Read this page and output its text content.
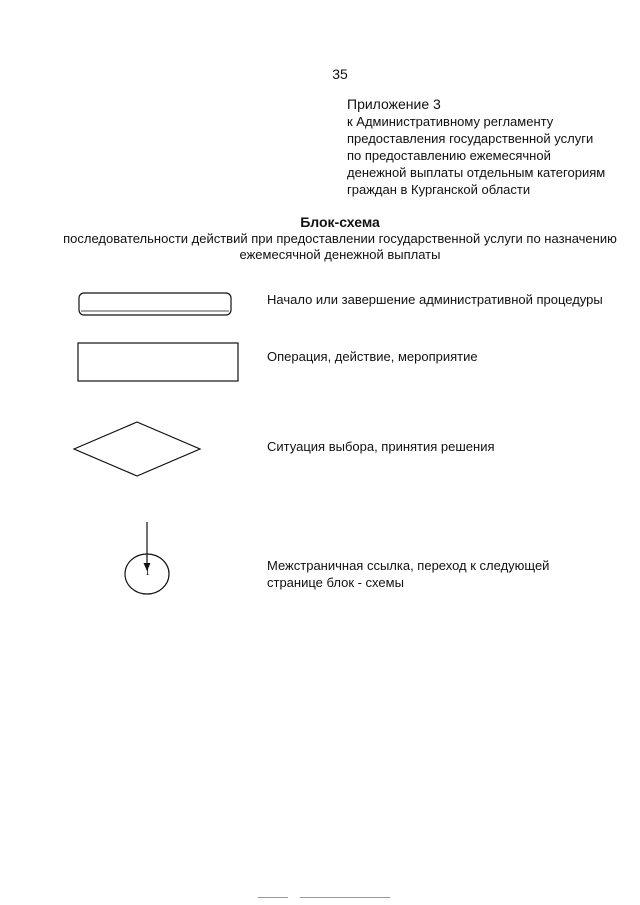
35
Приложение 3
к Административному регламенту
предоставления государственной услуги
по предоставлению ежемесячной
денежной выплаты отдельным категориям
граждан в Курганской области
Блок-схема
последовательности действий при предоставлении государственной услуги по назначению ежемесячной денежной выплаты
Начало или завершение административной процедуры
Операция, действие, мероприятие
Ситуация выбора, принятия решения
1	Межстраничная ссылка, переход к следующей странице блок - схемы
